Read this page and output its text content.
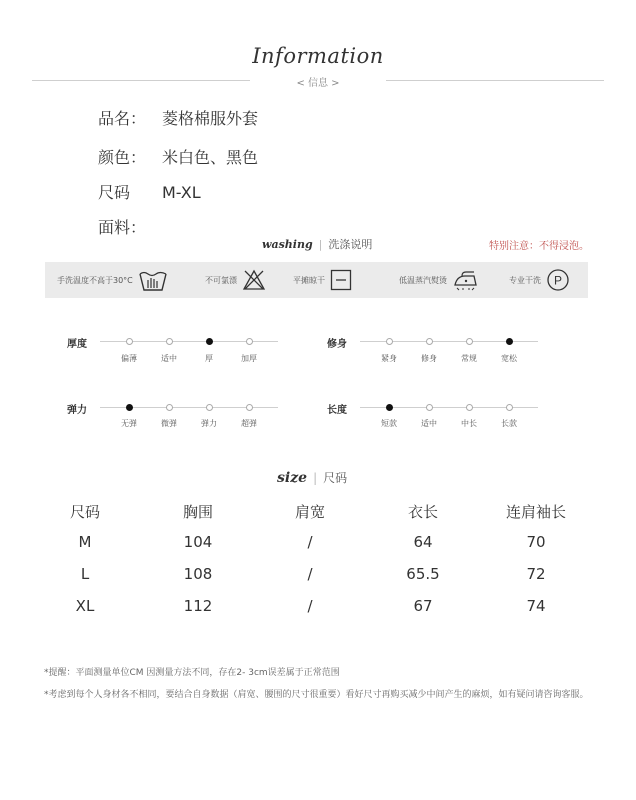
Information
< 信息 >
品名： 菱格棉服外套
颜色： 米白色、黑色
尺码 M-XL
面料：
washing | 洗涤说明	特别注意：不得浸泡。
手洗温度不高于30°C	不可氯漂	平摊晾干	低温蒸汽熨烫	专业干洗 P
厚度
偏薄	适中	厚	加厚
修身
紧身	修身	常规	宽松
弹力
无弹	微弹	弹力	超弹
长度
短款	适中	中长	长款
size | 尺码
尺码	胸围	肩宽	衣长	连肩袖长
M	104	/	64	70
L	108	/	65.5	72
XL	112	/	67	74
*提醒：平面测量单位CM 因测量方法不同，存在2- 3cm误差属于正常范围
*考虑到每个人身材各不相同，要结合自身数据（肩宽、腰围的尺寸很重要）看好尺寸再购买减少中间产生的麻烦，如有疑问请咨询客服。
